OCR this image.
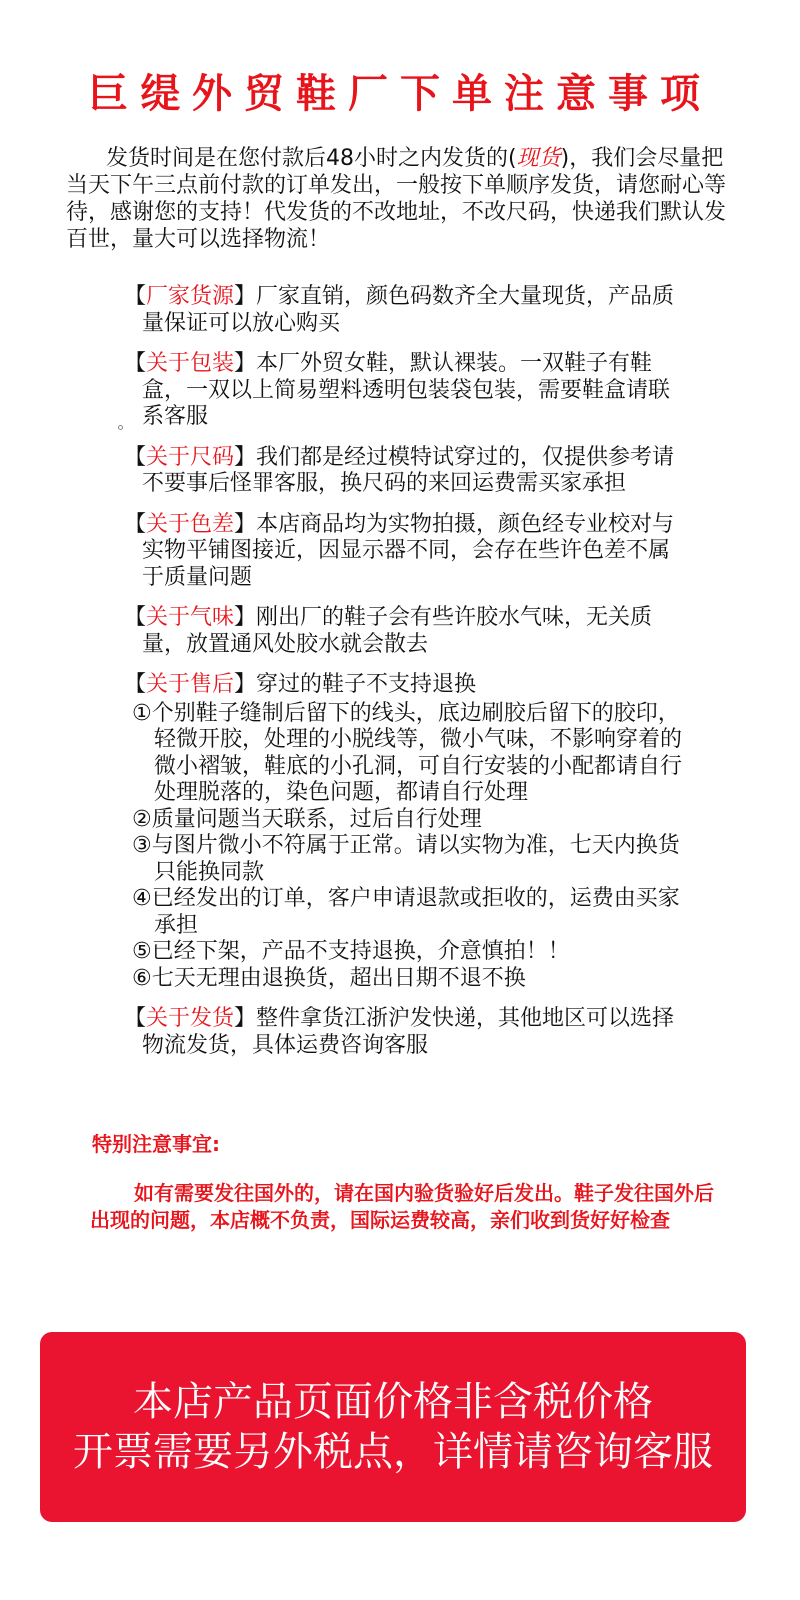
巨缇外贸鞋厂下单注意事项

发货时间是在您付款后48小时之内发货的(现货)，我们会尽量把当天下午三点前付款的订单发出，一般按下单顺序发货，请您耐心等待，感谢您的支持！代发货的不改地址，不改尺码，快递我们默认发百世，量大可以选择物流！

【厂家货源】厂家直销，颜色码数齐全大量现货，产品质量保证可以放心购买
【关于包装】本厂外贸女鞋，默认裸装。一双鞋子有鞋盒，一双以上简易塑料透明包装袋包装，需要鞋盒请联系客服
【关于尺码】我们都是经过模特试穿过的，仅提供参考请不要事后怪罪客服，换尺码的来回运费需买家承担
【关于色差】本店商品均为实物拍摄，颜色经专业校对与实物平铺图接近，因显示器不同，会存在些许色差不属于质量问题
【关于气味】刚出厂的鞋子会有些许胶水气味，无关质量，放置通风处胶水就会散去
【关于售后】穿过的鞋子不支持退换
①个别鞋子缝制后留下的线头，底边刷胶后留下的胶印，轻微开胶，处理的小脱线等，微小气味，不影响穿着的微小褶皱，鞋底的小孔洞，可自行安装的小配都请自行处理脱落的，染色问题，都请自行处理
②质量问题当天联系，过后自行处理
③与图片微小不符属于正常。请以实物为准，七天内换货只能换同款
④已经发出的订单，客户申请退款或拒收的，运费由买家承担
⑤已经下架，产品不支持退换，介意慎拍！！
⑥七天无理由退换货，超出日期不退不换
【关于发货】整件拿货江浙沪发快递，其他地区可以选择物流发货，具体运费咨询客服
特别注意事宜:

如有需要发往国外的，请在国内验货验好后发出。鞋子发往国外后出现的问题，本店概不负责，国际运费较高，亲们收到货好好检查

本店产品页面价格非含税价格
开票需要另外税点，详情请咨询客服
